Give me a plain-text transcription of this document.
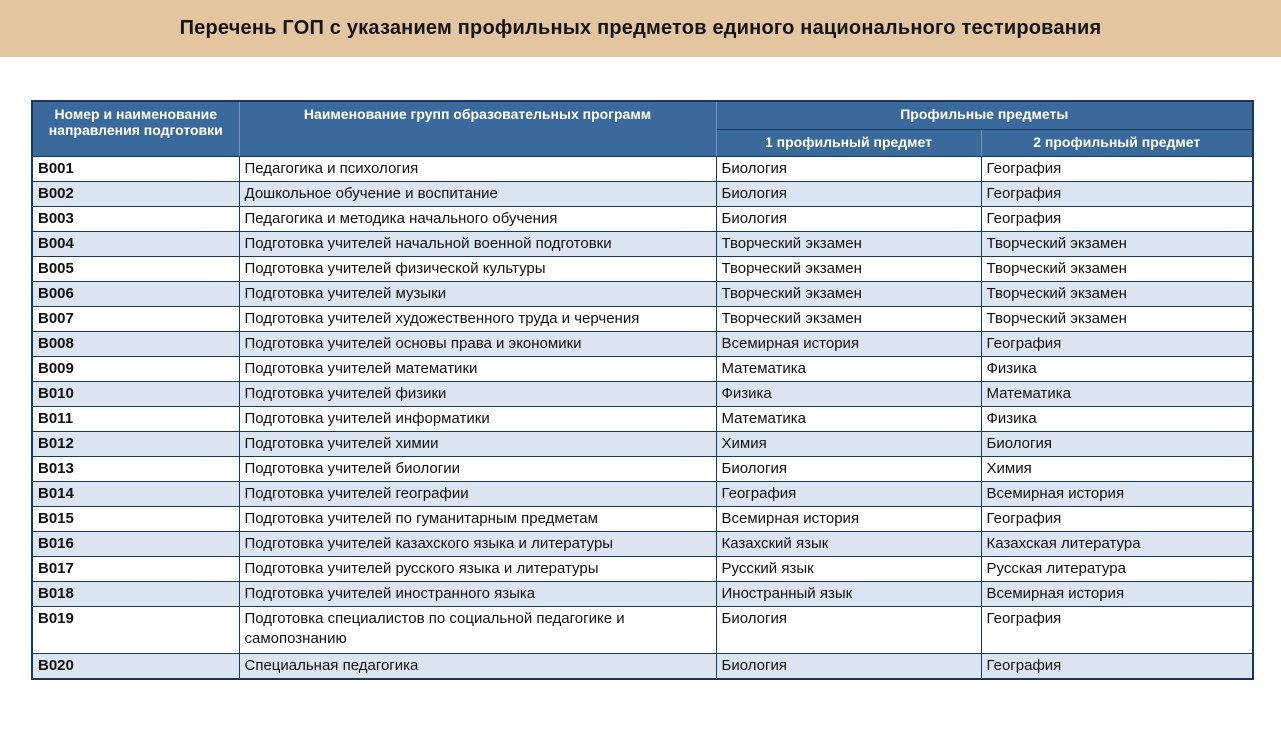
Перечень ГОП с указанием профильных предметов единого национального тестирования
Номер и наименование направления подготовки	Наименование групп образовательных программ	Профильные предметы	
		1 профильный предмет	2 профильный предмет
B001	Педагогика и психология	Биология	География
B002	Дошкольное обучение и воспитание	Биология	География
B003	Педагогика и методика начального обучения	Биология	География
B004	Подготовка учителей начальной военной подготовки	Творческий экзамен	Творческий экзамен
B005	Подготовка учителей физической культуры	Творческий экзамен	Творческий экзамен
B006	Подготовка учителей музыки	Творческий экзамен	Творческий экзамен
B007	Подготовка учителей художественного труда и черчения	Творческий экзамен	Творческий экзамен
B008	Подготовка учителей основы права и экономики	Всемирная история	География
B009	Подготовка учителей математики	Математика	Физика
B010	Подготовка учителей физики	Физика	Математика
B011	Подготовка учителей информатики	Математика	Физика
B012	Подготовка учителей химии	Химия	Биология
B013	Подготовка учителей биологии	Биология	Химия
B014	Подготовка учителей географии	География	Всемирная история
B015	Подготовка учителей по гуманитарным предметам	Всемирная история	География
B016	Подготовка учителей казахского языка и литературы	Казахский язык	Казахская литература
B017	Подготовка учителей русского языка и литературы	Русский язык	Русская литература
B018	Подготовка учителей иностранного языка	Иностранный язык	Всемирная история
B019	Подготовка специалистов по социальной педагогике и самопознанию	Биология	География
B020	Специальная педагогика	Биология	География
